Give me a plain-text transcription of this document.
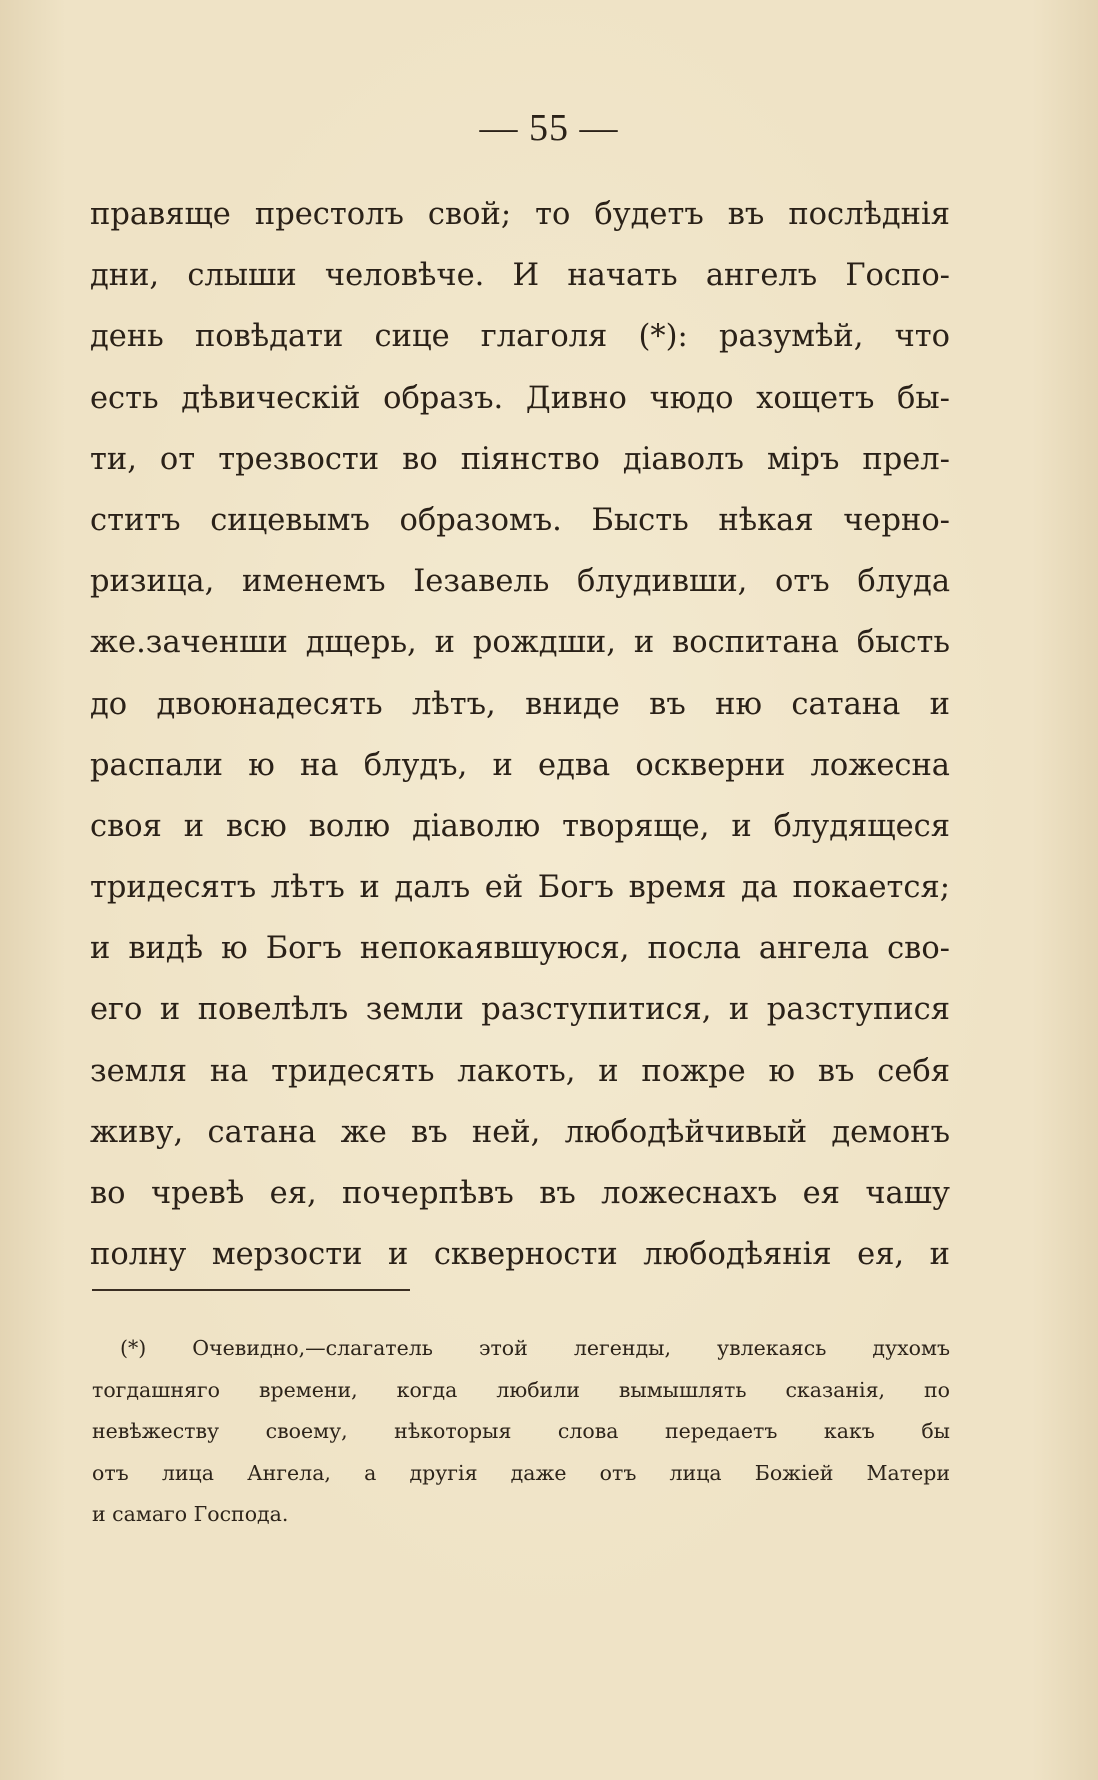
— 55 —
правяще престолъ свой; то будетъ въ послѣднія
дни, слыши человѣче. И начать ангелъ Госпо-
день повѣдати сице глаголя (*): разумѣй, что
есть дѣвическій образъ. Дивно чюдо хощетъ бы-
ти, от трезвости во піянство діаволъ міръ прел-
ститъ сицевымъ образомъ. Бысть нѣкая черно-
ризица, именемъ Іезавель блудивши, отъ блуда
же.заченши дщерь, и рождши, и воспитана бысть
до двоюнадесять лѣтъ, вниде въ ню сатана и
распали ю на блудъ, и едва оскверни ложесна
своя и всю волю діаволю творяще, и блудящеся
тридесятъ лѣтъ и далъ ей Богъ время да покается;
и видѣ ю Богъ непокаявшуюся, посла ангела сво-
его и повелѣлъ земли разступитися, и разступися
земля на тридесять лакоть, и пожре ю въ себя
живу, сатана же въ ней, любодѣйчивый демонъ
во чревѣ ея, почерпѣвъ въ ложеснахъ ея чашу
полну мерзости и скверности любодѣянія ея, и
(*) Очевидно,—слагатель этой легенды, увлекаясь духомъ
тогдашняго времени, когда любили вымышлять сказанія, по
невѣжеству своему, нѣкоторыя слова передаетъ какъ бы
отъ лица Ангела, а другія даже отъ лица Божіей Матери
и самаго Господа.
